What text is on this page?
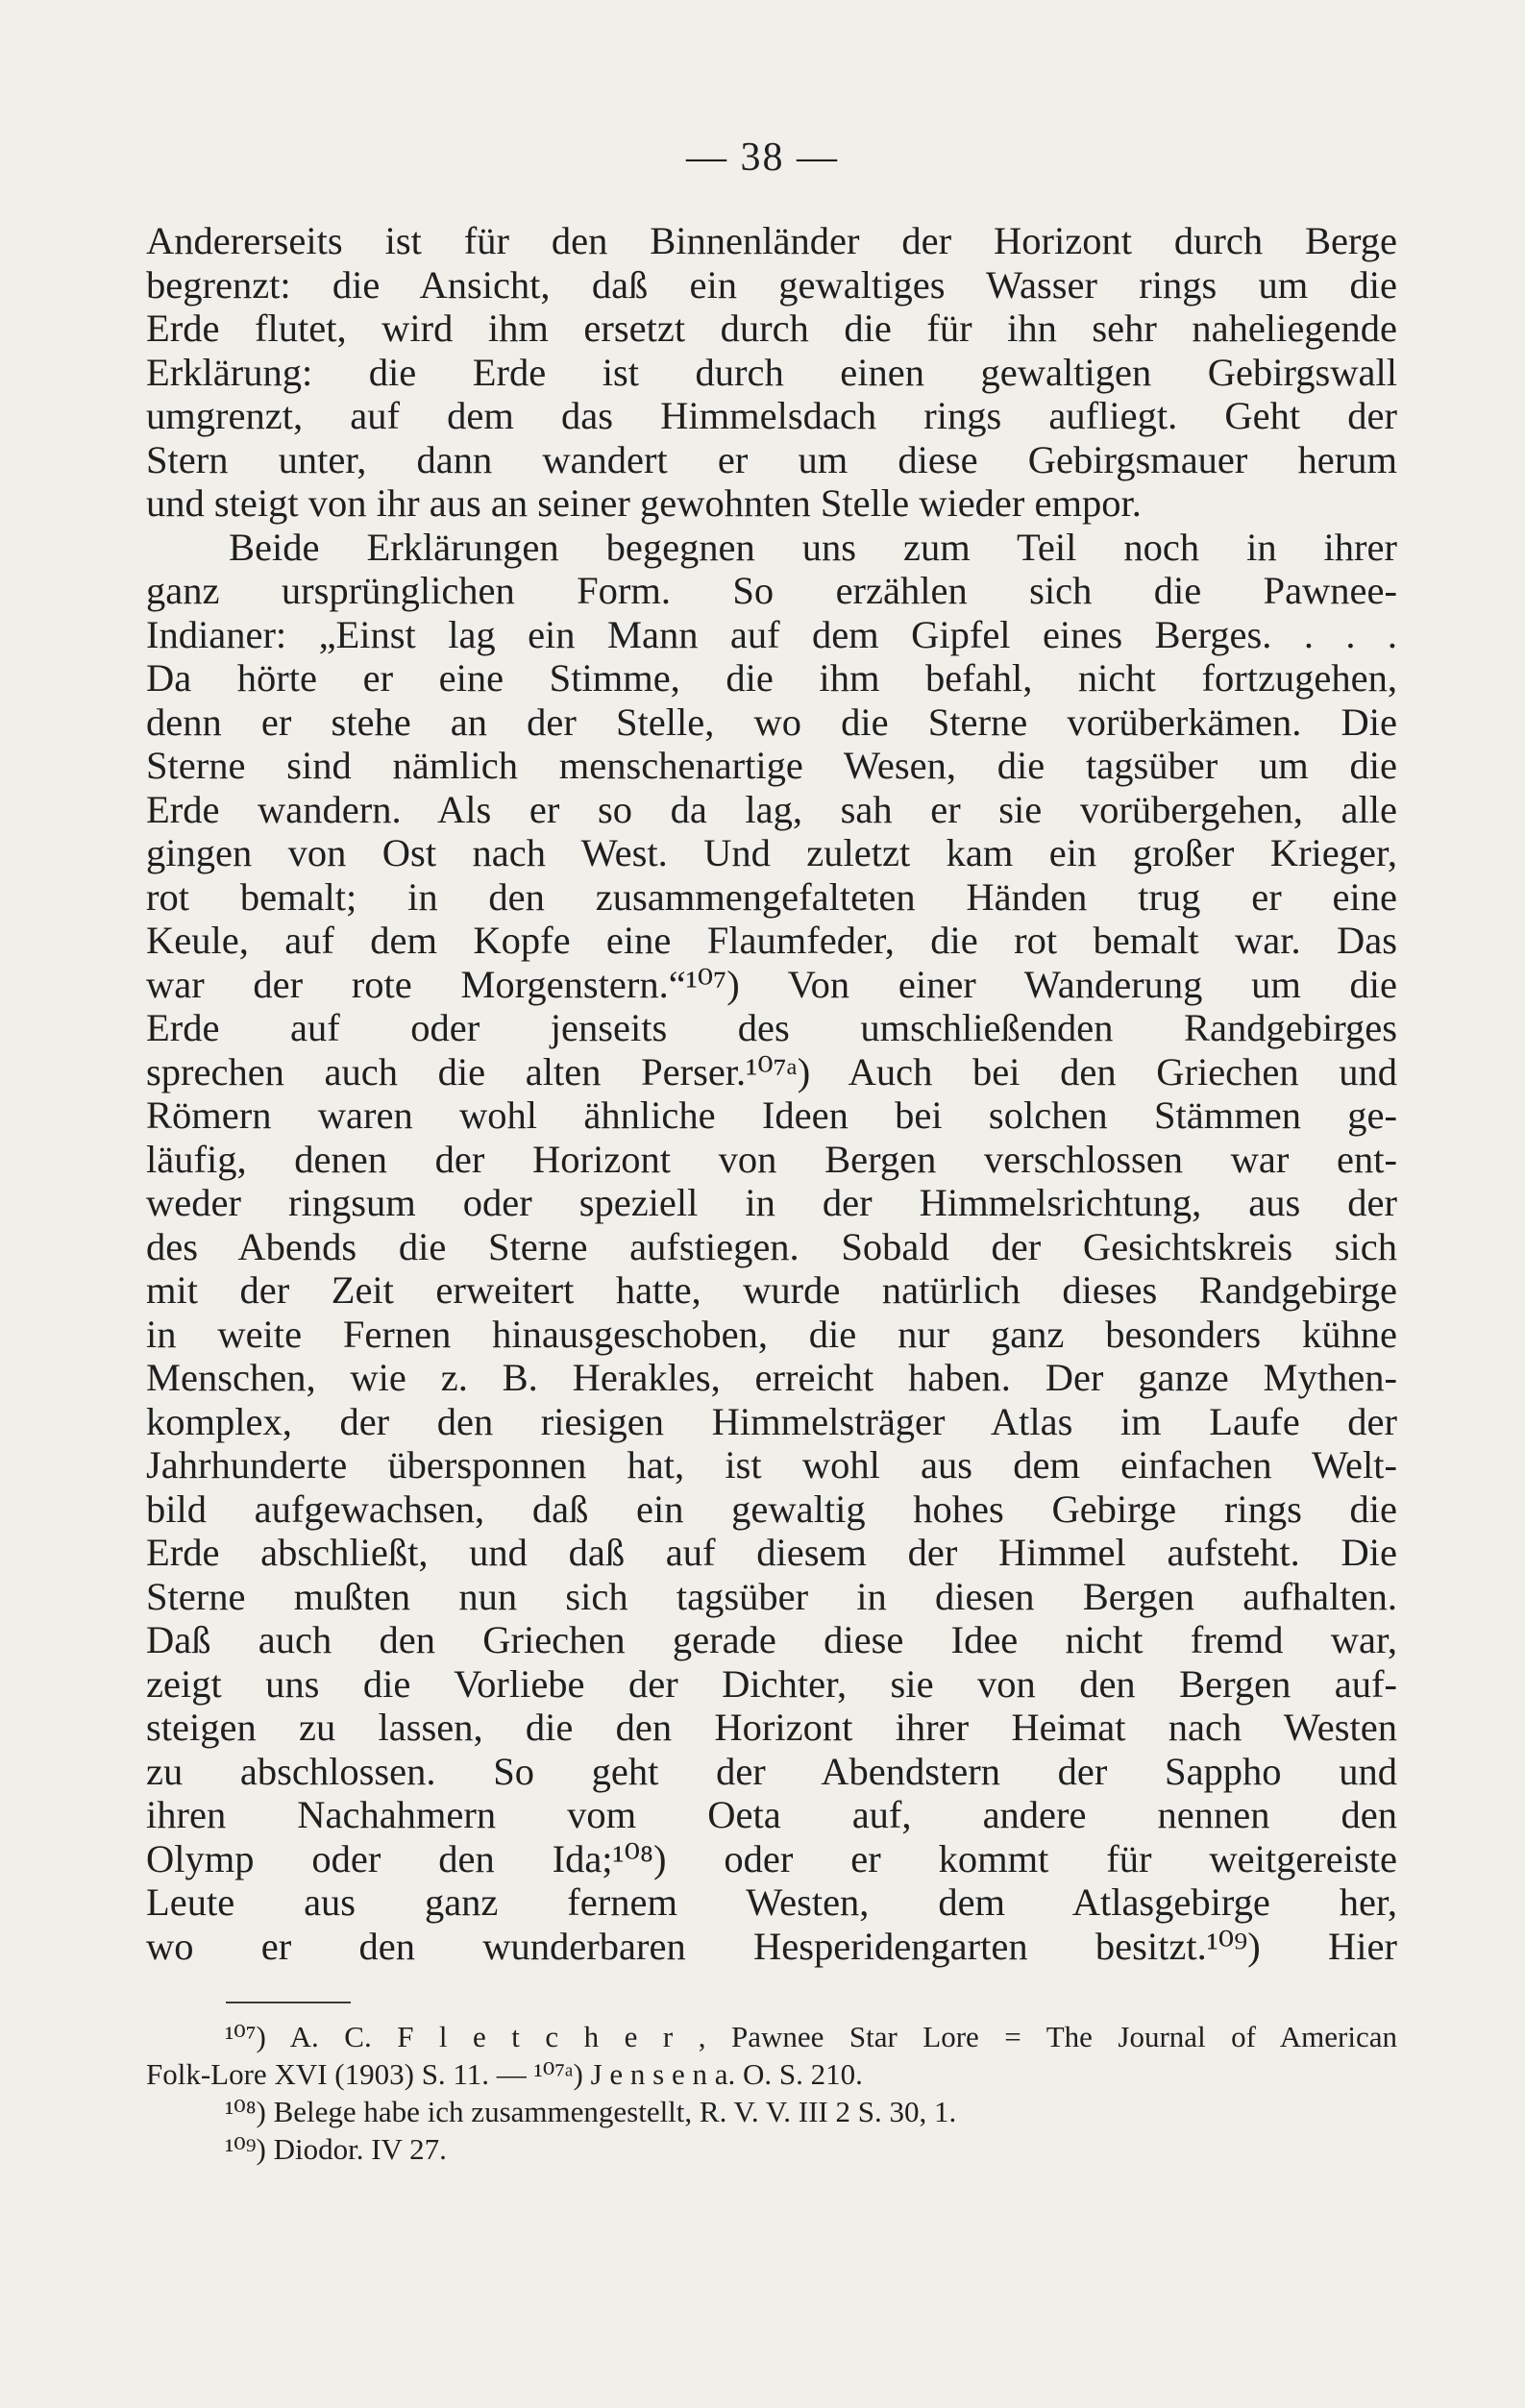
— 38 —
Andererseits ist für den Binnenländer der Horizont durch Berge
begrenzt: die Ansicht, daß ein gewaltiges Wasser rings um die
Erde flutet, wird ihm ersetzt durch die für ihn sehr naheliegende
Erklärung: die Erde ist durch einen gewaltigen Gebirgswall
umgrenzt, auf dem das Himmelsdach rings aufliegt. Geht der
Stern unter, dann wandert er um diese Gebirgsmauer herum
und steigt von ihr aus an seiner gewohnten Stelle wieder empor.
Beide Erklärungen begegnen uns zum Teil noch in ihrer
ganz ursprünglichen Form. So erzählen sich die Pawnee-
Indianer: „Einst lag ein Mann auf dem Gipfel eines Berges. . . .
Da hörte er eine Stimme, die ihm befahl, nicht fortzugehen,
denn er stehe an der Stelle, wo die Sterne vorüberkämen. Die
Sterne sind nämlich menschenartige Wesen, die tagsüber um die
Erde wandern. Als er so da lag, sah er sie vorübergehen, alle
gingen von Ost nach West. Und zuletzt kam ein großer Krieger,
rot bemalt; in den zusammengefalteten Händen trug er eine
Keule, auf dem Kopfe eine Flaumfeder, die rot bemalt war. Das
war der rote Morgenstern.“¹⁰⁷) Von einer Wanderung um die
Erde auf oder jenseits des umschließenden Randgebirges
sprechen auch die alten Perser.¹⁰⁷ᵃ) Auch bei den Griechen und
Römern waren wohl ähnliche Ideen bei solchen Stämmen ge-
läufig, denen der Horizont von Bergen verschlossen war ent-
weder ringsum oder speziell in der Himmelsrichtung, aus der
des Abends die Sterne aufstiegen. Sobald der Gesichtskreis sich
mit der Zeit erweitert hatte, wurde natürlich dieses Randgebirge
in weite Fernen hinausgeschoben, die nur ganz besonders kühne
Menschen, wie z. B. Herakles, erreicht haben. Der ganze Mythen-
komplex, der den riesigen Himmelsträger Atlas im Laufe der
Jahrhunderte übersponnen hat, ist wohl aus dem einfachen Welt-
bild aufgewachsen, daß ein gewaltig hohes Gebirge rings die
Erde abschließt, und daß auf diesem der Himmel aufsteht. Die
Sterne mußten nun sich tagsüber in diesen Bergen aufhalten.
Daß auch den Griechen gerade diese Idee nicht fremd war,
zeigt uns die Vorliebe der Dichter, sie von den Bergen auf-
steigen zu lassen, die den Horizont ihrer Heimat nach Westen
zu abschlossen. So geht der Abendstern der Sappho und
ihren Nachahmern vom Oeta auf, andere nennen den
Olymp oder den Ida;¹⁰⁸) oder er kommt für weitgereiste
Leute aus ganz fernem Westen, dem Atlasgebirge her,
wo er den wunderbaren Hesperidengarten besitzt.¹⁰⁹) Hier
¹⁰⁷) A. C. F l e t c h e r , Pawnee Star Lore = The Journal of American
Folk-Lore XVI (1903) S. 11. — ¹⁰⁷ᵃ) J e n s e n a. O. S. 210.
¹⁰⁸) Belege habe ich zusammengestellt, R. V. V. III 2 S. 30, 1.
¹⁰⁹) Diodor. IV 27.
